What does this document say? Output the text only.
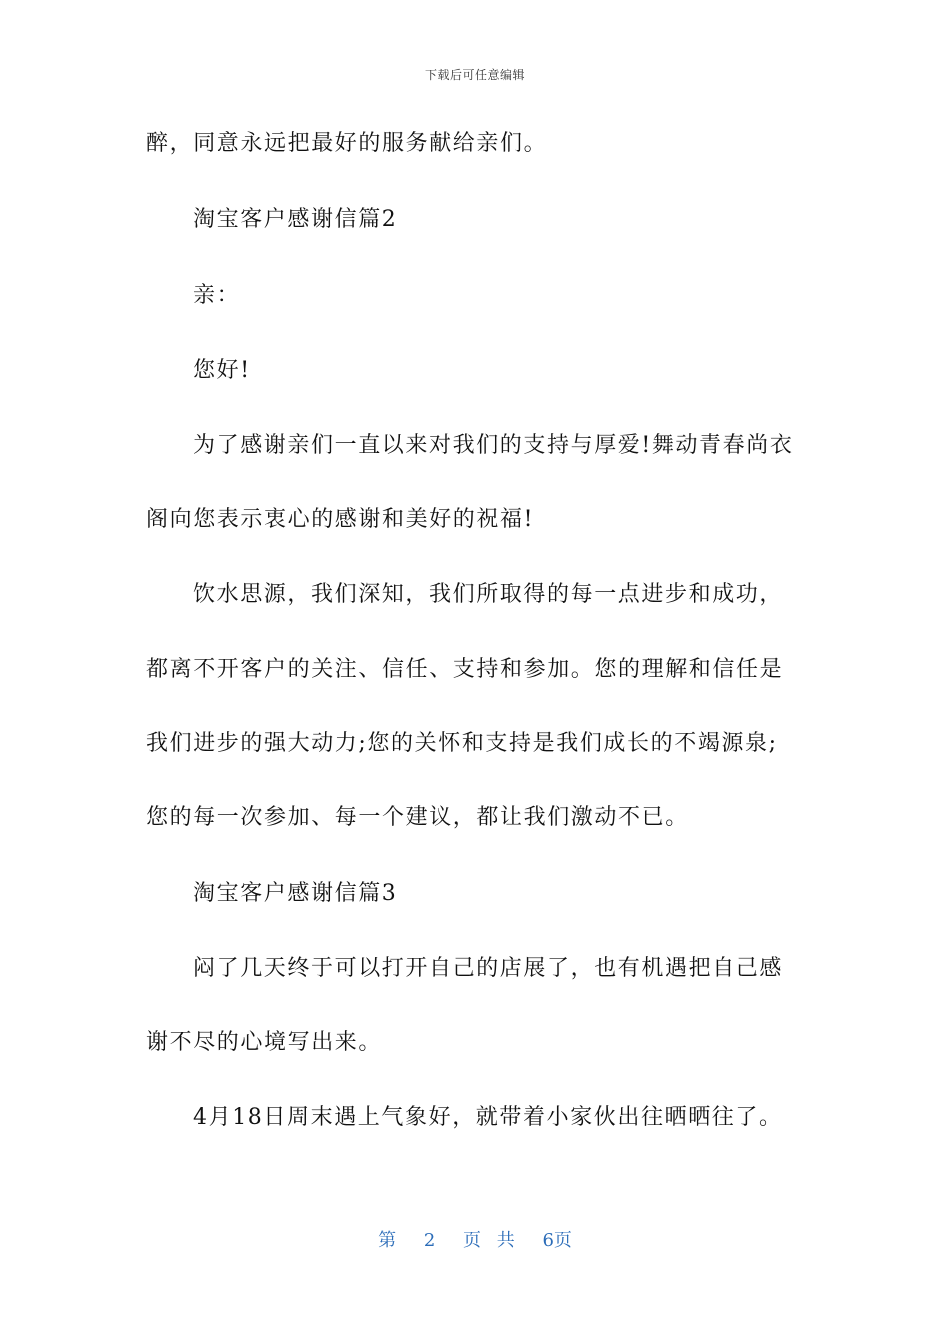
下载后可任意编辑
醉，同意永远把最好的服务献给亲们。
淘宝客户感谢信篇2
亲：
您好!
为了感谢亲们一直以来对我们的支持与厚爱!舞动青春尚衣
阁向您表示衷心的感谢和美好的祝福!
饮水思源，我们深知，我们所取得的每一点进步和成功，
都离不开客户的关注、信任、支持和参加。您的理解和信任是
我们进步的强大动力;您的关怀和支持是我们成长的不竭源泉;
您的每一次参加、每一个建议，都让我们激动不已。
淘宝客户感谢信篇3
闷了几天终于可以打开自己的店展了，也有机遇把自己感
谢不尽的心境写出来。
4月18日周末遇上气象好，就带着小家伙出往晒晒往了。
第 2 页 共 6页
